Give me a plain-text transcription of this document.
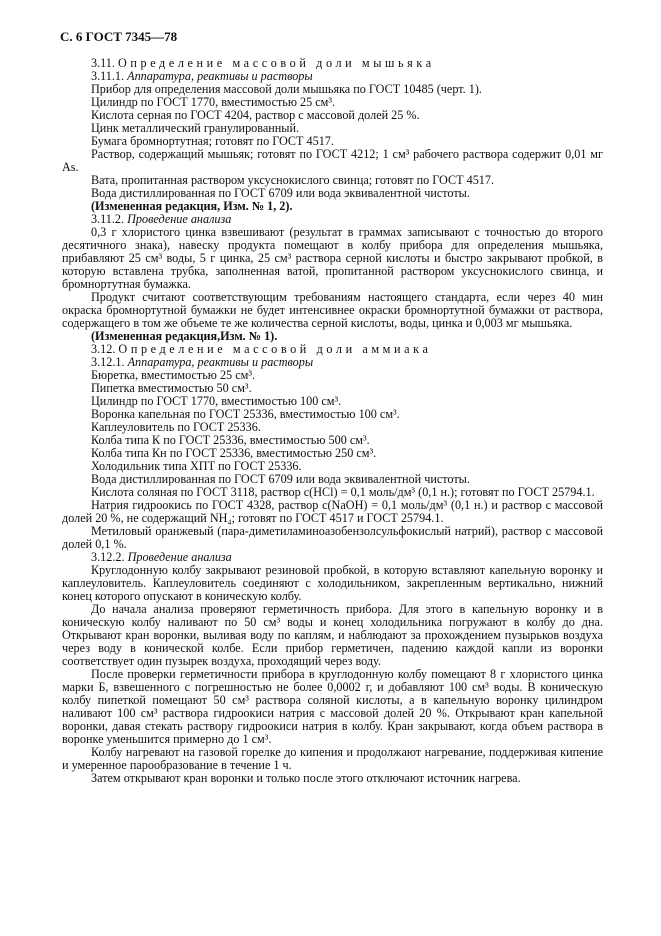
С. 6 ГОСТ 7345—78

3.11. Определение массовой доли мышьяка

3.11.1. Аппаратура, реактивы и растворы

Прибор для определения массовой доли мышьяка по ГОСТ 10485 (черт. 1).

Цилиндр по ГОСТ 1770, вместимостью 25 см³.

Кислота серная по ГОСТ 4204, раствор с массовой долей 25 %.

Цинк металлический гранулированный.

Бумага бромнортутная; готовят по ГОСТ 4517.

Раствор, содержащий мышьяк; готовят по ГОСТ 4212; 1 см³ рабочего раствора содержит 0,01 мг As.

Вата, пропитанная раствором уксуснокислого свинца; готовят по ГОСТ 4517.

Вода дистиллированная по ГОСТ 6709 или вода эквивалентной чистоты.

(Измененная редакция, Изм. № 1, 2).

3.11.2. Проведение анализа

0,3 г хлористого цинка взвешивают (результат в граммах записывают с точностью до второго десятичного знака), навеску продукта помещают в колбу прибора для определения мышьяка, прибавляют 25 см³ воды, 5 г цинка, 25 см³ раствора серной кислоты и быстро закрывают пробкой, в которую вставлена трубка, заполненная ватой, пропитанной раствором уксуснокислого свинца, и бромнортутная бумажка.

Продукт считают соответствующим требованиям настоящего стандарта, если через 40 мин окраска бромнортутной бумажки не будет интенсивнее окраски бромнортутной бумажки от раствора, содержащего в том же объеме те же количества серной кислоты, воды, цинка и 0,003 мг мышьяка.

(Измененная редакция,Изм. № 1).

3.12. Определение массовой доли аммиака

3.12.1. Аппаратура, реактивы и растворы

Бюретка, вместимостью 25 см³.

Пипетка вместимостью 50 см³.

Цилиндр по ГОСТ 1770, вместимостью 100 см³.

Воронка капельная по ГОСТ 25336, вместимостью 100 см³.

Каплеуловитель по ГОСТ 25336.

Колба типа К по ГОСТ 25336, вместимостью 500 см³.

Колба типа Кн по ГОСТ 25336, вместимостью 250 см³.

Холодильник типа ХПТ по ГОСТ 25336.

Вода дистиллированная по ГОСТ 6709 или вода эквивалентной чистоты.

Кислота соляная по ГОСТ 3118, раствор c(HCl) = 0,1 моль/дм³ (0,1 н.); готовят по ГОСТ 25794.1.

Натрия гидроокись по ГОСТ 4328, раствор c(NaOH) = 0,1 моль/дм³ (0,1 н.) и раствор с массовой долей 20 %, не содержащий NH₄; готовят по ГОСТ 4517 и ГОСТ 25794.1.

Метиловый оранжевый (пара-диметиламиноазобензолсульфокислый натрий), раствор с массовой долей 0,1 %.

3.12.2. Проведение анализа

Круглодонную колбу закрывают резиновой пробкой, в которую вставляют капельную воронку и каплеуловитель. Каплеуловитель соединяют с холодильником, закрепленным вертикально, нижний конец которого опускают в коническую колбу.

До начала анализа проверяют герметичность прибора. Для этого в капельную воронку и в коническую колбу наливают по 50 см³ воды и конец холодильника погружают в колбу до дна. Открывают кран воронки, выливая воду по каплям, и наблюдают за прохождением пузырьков воздуха через воду в конической колбе. Если прибор герметичен, падению каждой капли из воронки соответствует один пузырек воздуха, проходящий через воду.

После проверки герметичности прибора в круглодонную колбу помещают 8 г хлористого цинка марки Б, взвешенного с погрешностью не более 0,0002 г, и добавляют 100 см³ воды. В коническую колбу пипеткой помещают 50 см³ раствора соляной кислоты, а в капельную воронку цилиндром наливают 100 см³ раствора гидроокиси натрия с массовой долей 20 %. Открывают кран капельной воронки, давая стекать раствору гидроокиси натрия в колбу. Кран закрывают, когда объем раствора в воронке уменьшится примерно до 1 см³.

Колбу нагревают на газовой горелке до кипения и продолжают нагревание, поддерживая кипение и умеренное парообразование в течение 1 ч.

Затем открывают кран воронки и только после этого отключают источник нагрева.
